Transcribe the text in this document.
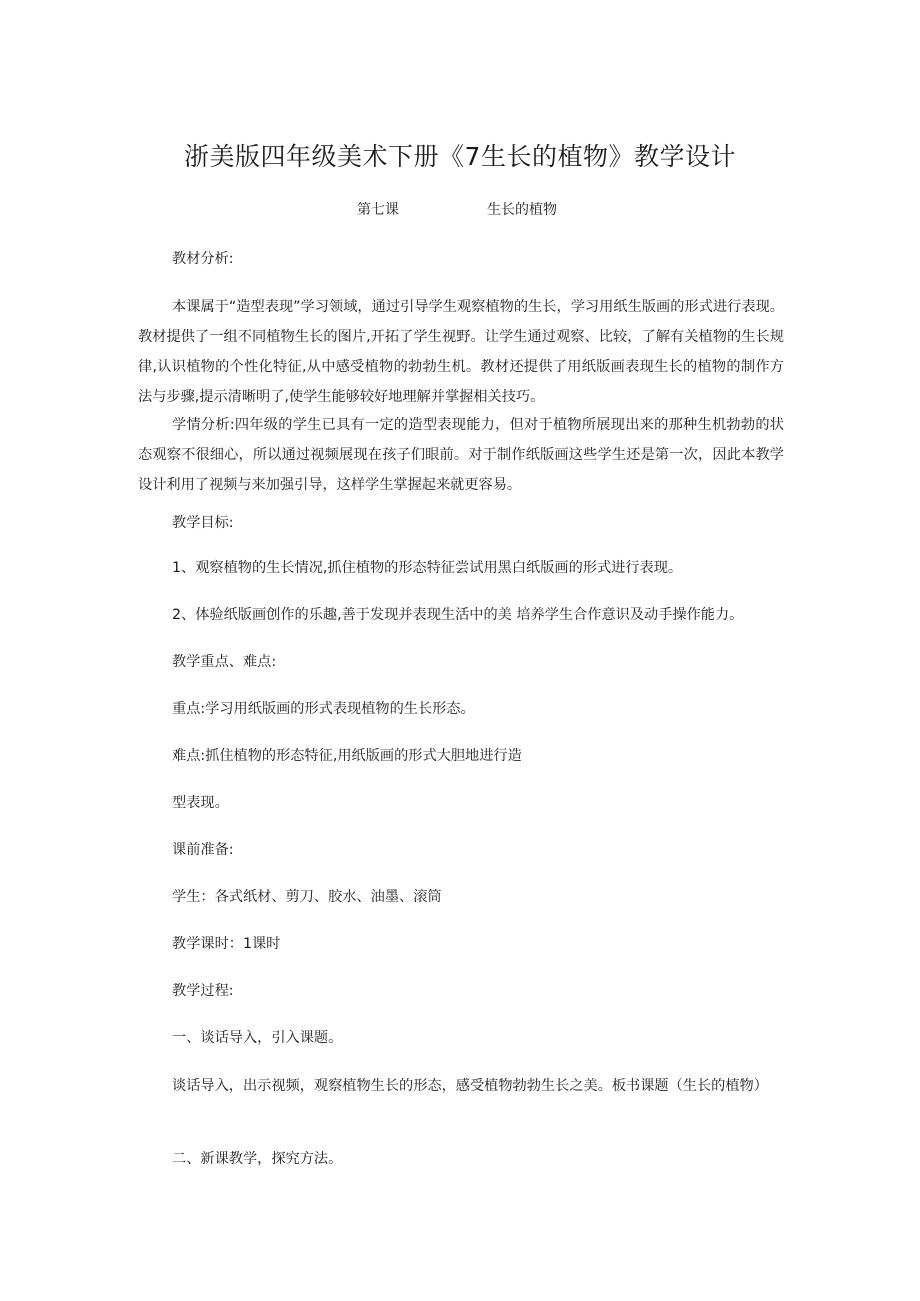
浙美版四年级美术下册《7生长的植物》教学设计
第七课	生长的植物

教材分析:

本课属于“造型表现”学习领域，通过引导学生观察植物的生长，学习用纸生版画的形式进行表现。教材提供了一组不同植物生长的图片,开拓了学生视野。让学生通过观察、比较，了解有关植物的生长规律,认识植物的个性化特征,从中感受植物的勃勃生机。教材还提供了用纸版画表现生长的植物的制作方法与步骤,提示清晰明了,使学生能够较好地理解并掌握相关技巧。

学情分析:四年级的学生已具有一定的造型表现能力，但对于植物所展现出来的那种生机勃勃的状态观察不很细心，所以通过视频展现在孩子们眼前。对于制作纸版画这些学生还是第一次，因此本教学设计利用了视频与来加强引导，这样学生掌握起来就更容易。

教学目标:

1、观察植物的生长情况,抓住植物的形态特征尝试用黑白纸版画的形式进行表现。

2、体验纸版画创作的乐趣,善于发现并表现生活中的美 培养学生合作意识及动手操作能力。

教学重点、难点:

重点:学习用纸版画的形式表现植物的生长形态。

难点:抓住植物的形态特征,用纸版画的形式大胆地进行造

型表现。

课前准备:

学生：各式纸材、剪刀、胶水、油墨、滚筒

教学课时：1课时

教学过程:

一、谈话导入，引入课题。

谈话导入，出示视频，观察植物生长的形态，感受植物勃勃生长之美。板书课题（生长的植物）

二、新课教学，探究方法。
